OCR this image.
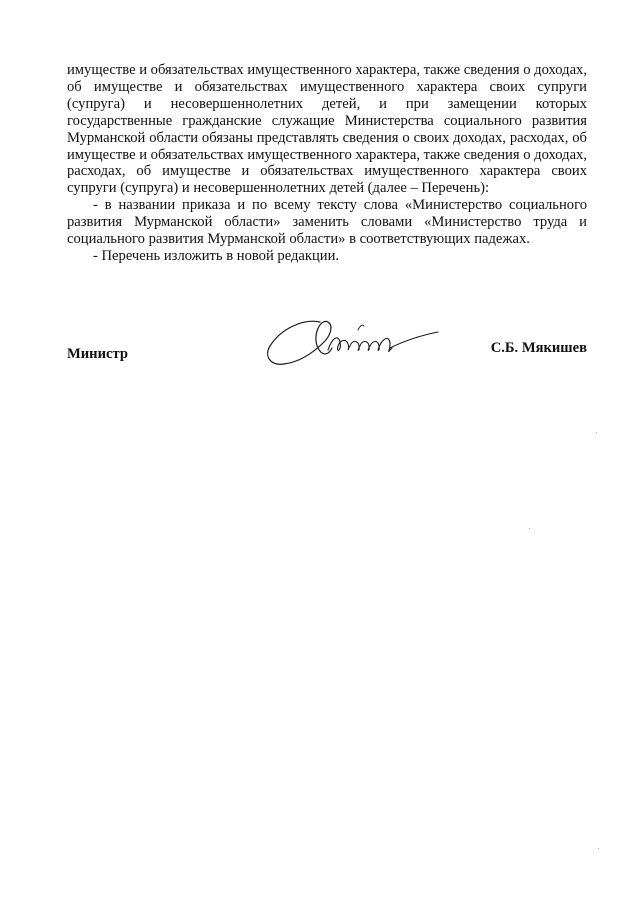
имуществе и обязательствах имущественного характера, также сведения о доходах, об имуществе и обязательствах имущественного характера своих супруги (супруга) и несовершеннолетних детей, и при замещении которых государственные гражданские служащие Министерства социального развития Мурманской области обязаны представлять сведения о своих доходах, расходах, об имуществе и обязательствах имущественного характера, также сведения о доходах, расходах, об имуществе и обязательствах имущественного характера своих супруги (супруга) и несовершеннолетних детей (далее – Перечень):

- в названии приказа и по всему тексту слова «Министерство социального развития Мурманской области» заменить словами «Министерство труда и социального развития Мурманской области» в соответствующих падежах.

- Перечень изложить в новой редакции.

Министр	С.Б. Мякишев
